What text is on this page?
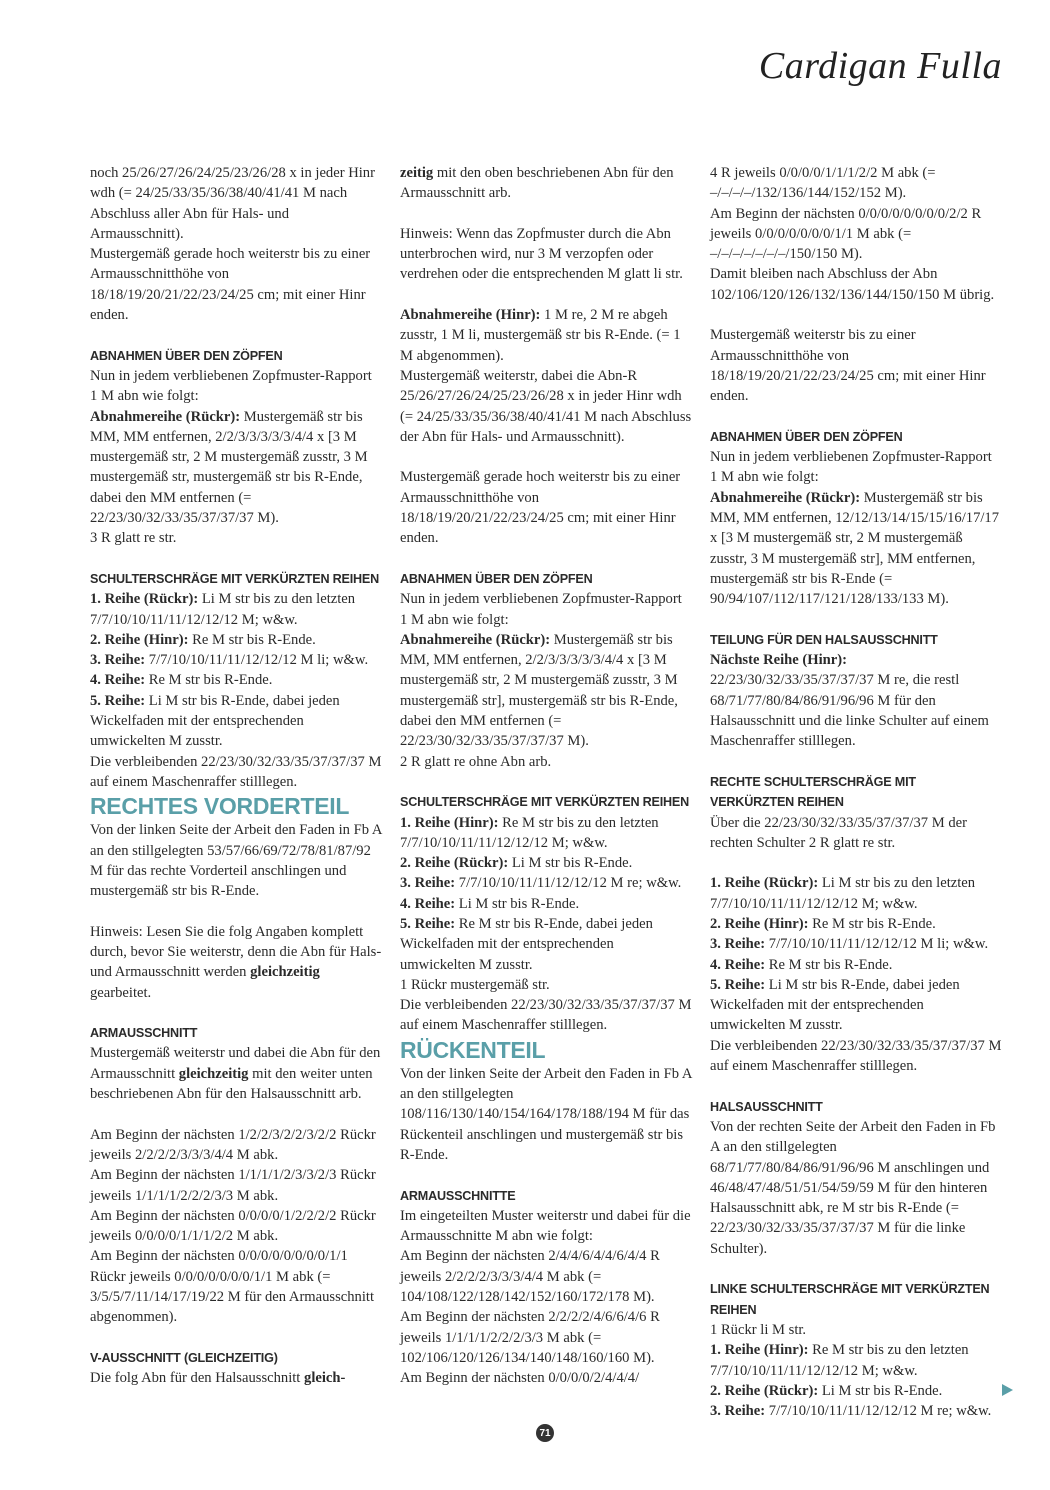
Cardigan Fulla

noch 25/26/27/26/24/25/23/26/28 x in jeder Hinr wdh (= 24/25/33/35/36/38/40/41/41 M nach Abschluss aller Abn für Hals- und Armausschnitt).

Mustergemäß gerade hoch weiterstr bis zu einer Armausschnitthöhe von 18/18/19/20/21/22/23/24/25 cm; mit einer Hinr enden.

ABNAHMEN ÜBER DEN ZÖPFEN

Nun in jedem verbliebenen Zopfmuster-Rapport 1 M abn wie folgt:

Abnahmereihe (Rückr): Mustergemäß str bis MM, MM entfernen, 2/2/3/3/3/3/3/4/4 x [3 M mustergemäß str, 2 M mustergemäß zusstr, 3 M mustergemäß str, mustergemäß str bis R-Ende, dabei den MM entfernen (= 22/23/30/32/33/35/37/37/37 M).

3 R glatt re str.

SCHULTERSCHRÄGE MIT VERKÜRZTEN REIHEN

1. Reihe (Rückr): Li M str bis zu den letzten 7/7/10/10/11/11/12/12/12 M; w&w.

2. Reihe (Hinr): Re M str bis R-Ende.

3. Reihe: 7/7/10/10/11/11/12/12/12 M li; w&w.

4. Reihe: Re M str bis R-Ende.

5. Reihe: Li M str bis R-Ende, dabei jeden Wickelfaden mit der entsprechenden umwickelten M zusstr.

Die verbleibenden 22/23/30/32/33/35/37/37/37 M auf einem Maschenraffer stilllegen.

RECHTES VORDERTEIL

Von der linken Seite der Arbeit den Faden in Fb A an den stillgelegten 53/57/66/69/72/78/81/87/92 M für das rechte Vorderteil anschlingen und mustergemäß str bis R-Ende.

Hinweis: Lesen Sie die folg Angaben komplett durch, bevor Sie weiterstr, denn die Abn für Hals- und Armausschnitt werden gleichzeitig gearbeitet.

ARMAUSSCHNITT

Mustergemäß weiterstr und dabei die Abn für den Armausschnitt gleichzeitig mit den weiter unten beschriebenen Abn für den Halsausschnitt arb.

Am Beginn der nächsten 1/2/2/3/2/2/3/2/2 Rückr jeweils 2/2/2/2/3/3/3/4/4 M abk.

Am Beginn der nächsten 1/1/1/1/2/3/3/2/3 Rückr jeweils 1/1/1/1/2/2/2/3/3 M abk.

Am Beginn der nächsten 0/0/0/0/1/2/2/2/2 Rückr jeweils 0/0/0/0/1/1/1/2/2 M abk.

Am Beginn der nächsten 0/0/0/0/0/0/0/0/1/1 Rückr jeweils 0/0/0/0/0/0/0/1/1 M abk (= 3/5/5/7/11/14/17/19/22 M für den Armausschnitt abgenommen).

V-AUSSCHNITT (GLEICHZEITIG)

Die folg Abn für den Halsausschnitt gleich-

zeitig mit den oben beschriebenen Abn für den Armausschnitt arb.

Hinweis: Wenn das Zopfmuster durch die Abn unterbrochen wird, nur 3 M verzopfen oder verdrehen oder die entsprechenden M glatt li str.

Abnahmereihe (Hinr): 1 M re, 2 M re abgeh zusstr, 1 M li, mustergemäß str bis R-Ende. (= 1 M abgenommen).

Mustergemäß weiterstr, dabei die Abn-R 25/26/27/26/24/25/23/26/28 x in jeder Hinr wdh (= 24/25/33/35/36/38/40/41/41 M nach Abschluss der Abn für Hals- und Armausschnitt).

Mustergemäß gerade hoch weiterstr bis zu einer Armausschnitthöhe von 18/18/19/20/21/22/23/24/25 cm; mit einer Hinr enden.

ABNAHMEN ÜBER DEN ZÖPFEN

Nun in jedem verbliebenen Zopfmuster-Rapport 1 M abn wie folgt:

Abnahmereihe (Rückr): Mustergemäß str bis MM, MM entfernen, 2/2/3/3/3/3/3/4/4 x [3 M mustergemäß str, 2 M mustergemäß zusstr, 3 M mustergemäß str], mustergemäß str bis R-Ende, dabei den MM entfernen (= 22/23/30/32/33/35/37/37/37 M).

2 R glatt re ohne Abn arb.

SCHULTERSCHRÄGE MIT VERKÜRZTEN REIHEN

1. Reihe (Hinr): Re M str bis zu den letzten 7/7/10/10/11/11/12/12/12 M; w&w.

2. Reihe (Rückr): Li M str bis R-Ende.

3. Reihe: 7/7/10/10/11/11/12/12/12 M re; w&w.

4. Reihe: Li M str bis R-Ende.

5. Reihe: Re M str bis R-Ende, dabei jeden Wickelfaden mit der entsprechenden umwickelten M zusstr.

1 Rückr mustergemäß str.

Die verbleibenden 22/23/30/32/33/35/37/37/37 M auf einem Maschenraffer stilllegen.

RÜCKENTEIL

Von der linken Seite der Arbeit den Faden in Fb A an den stillgelegten 108/116/130/140/154/164/178/188/194 M für das Rückenteil anschlingen und mustergemäß str bis R-Ende.

ARMAUSSCHNITTE

Im eingeteilten Muster weiterstr und dabei für die Armausschnitte M abn wie folgt:

Am Beginn der nächsten 2/4/4/6/4/4/6/4/4 R jeweils 2/2/2/2/3/3/3/4/4 M abk (= 104/108/122/128/142/152/160/172/178 M).

Am Beginn der nächsten 2/2/2/2/4/6/6/4/6 R jeweils 1/1/1/1/2/2/2/3/3 M abk (= 102/106/120/126/134/140/148/160/160 M).

Am Beginn der nächsten 0/0/0/0/2/4/4/4/

4 R jeweils 0/0/0/0/1/1/1/2/2 M abk (= –/–/–/–/132/136/144/152/152 M).

Am Beginn der nächsten 0/0/0/0/0/0/0/0/2/2 R jeweils 0/0/0/0/0/0/0/1/1 M abk (= –/–/–/–/–/–/–/150/150 M).

Damit bleiben nach Abschluss der Abn 102/106/120/126/132/136/144/150/150 M übrig.

Mustergemäß weiterstr bis zu einer Armausschnitthöhe von 18/18/19/20/21/22/23/24/25 cm; mit einer Hinr enden.

ABNAHMEN ÜBER DEN ZÖPFEN

Nun in jedem verbliebenen Zopfmuster-Rapport 1 M abn wie folgt:

Abnahmereihe (Rückr): Mustergemäß str bis MM, MM entfernen, 12/12/13/14/15/15/16/17/17 x [3 M mustergemäß str, 2 M mustergemäß zusstr, 3 M mustergemäß str], MM entfernen, mustergemäß str bis R-Ende (= 90/94/107/112/117/121/128/133/133 M).

TEILUNG FÜR DEN HALSAUSSCHNITT

Nächste Reihe (Hinr): 22/23/30/32/33/35/37/37/37 M re, die restl 68/71/77/80/84/86/91/96/96 M für den Halsausschnitt und die linke Schulter auf einem Maschenraffer stilllegen.

RECHTE SCHULTERSCHRÄGE MIT VERKÜRZTEN REIHEN

Über die 22/23/30/32/33/35/37/37/37 M der rechten Schulter 2 R glatt re str.

1. Reihe (Rückr): Li M str bis zu den letzten 7/7/10/10/11/11/12/12/12 M; w&w.

2. Reihe (Hinr): Re M str bis R-Ende.

3. Reihe: 7/7/10/10/11/11/12/12/12 M li; w&w.

4. Reihe: Re M str bis R-Ende.

5. Reihe: Li M str bis R-Ende, dabei jeden Wickelfaden mit der entsprechenden umwickelten M zusstr.

Die verbleibenden 22/23/30/32/33/35/37/37/37 M auf einem Maschenraffer stilllegen.

HALSAUSSCHNITT

Von der rechten Seite der Arbeit den Faden in Fb A an den stillgelegten 68/71/77/80/84/86/91/96/96 M anschlingen und 46/48/47/48/51/51/54/59/59 M für den hinteren Halsausschnitt abk, re M str bis R-Ende (= 22/23/30/32/33/35/37/37/37 M für die linke Schulter).

LINKE SCHULTERSCHRÄGE MIT VERKÜRZTEN REIHEN

1 Rückr li M str.

1. Reihe (Hinr): Re M str bis zu den letzten 7/7/10/10/11/11/12/12/12 M; w&w.

2. Reihe (Rückr): Li M str bis R-Ende.

3. Reihe: 7/7/10/10/11/11/12/12/12 M re; w&w.

71
